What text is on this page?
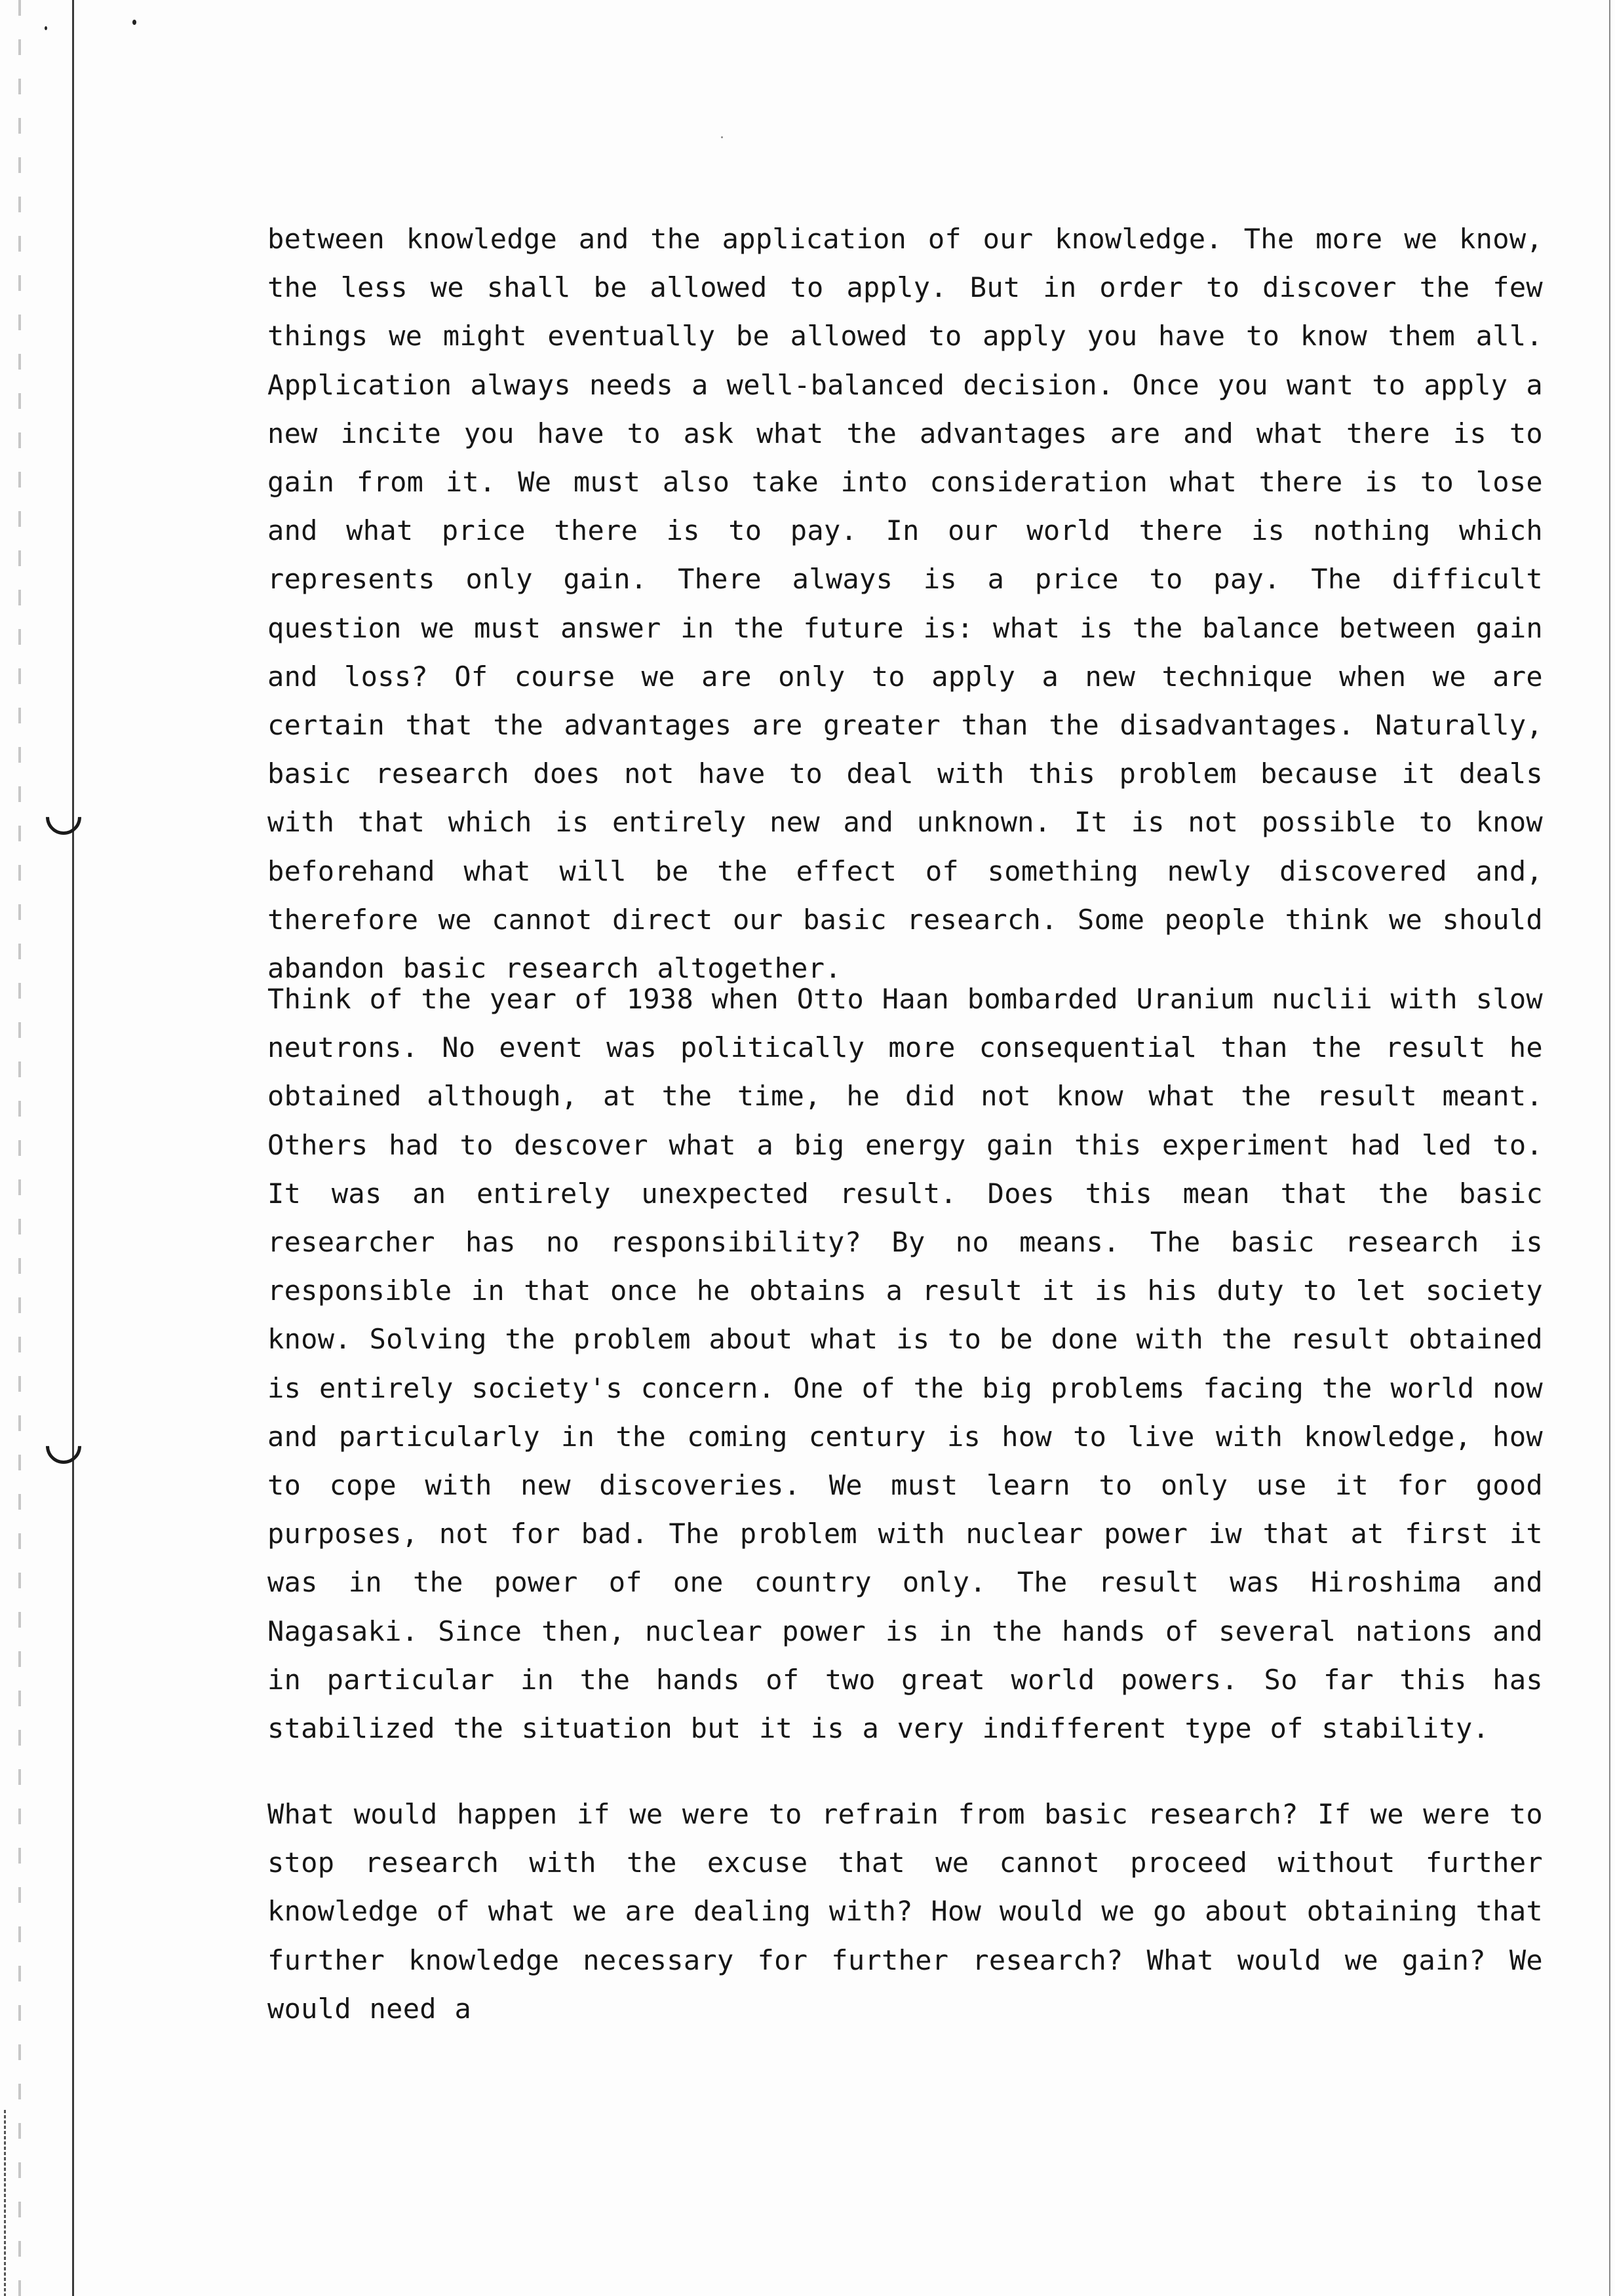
between knowledge and the application of our knowledge. The more we know, the less we shall be allowed to apply. But in order to discover the few things we might eventually be allowed to apply you have to know them all. Application always needs a well-balanced decision. Once you want to apply a new incite you have to ask what the advantages are and what there is to gain from it. We must also take into consideration what there is to lose and what price there is to pay. In our world there is nothing which represents only gain. There always is a price to pay. The difficult question we must answer in the future is: what is the balance between gain and loss? Of course we are only to apply a new technique when we are certain that the advantages are greater than the disadvantages. Naturally, basic research does not have to deal with this problem because it deals with that which is entirely new and unknown. It is not possible to know beforehand what will be the effect of something newly discovered and, therefore we cannot direct our basic research. Some people think we should abandon basic research altogether.

Think of the year of 1938 when Otto Haan bombarded Uranium nuclii with slow neutrons. No event was politically more consequential than the result he obtained although, at the time, he did not know what the result meant. Others had to descover what a big energy gain this experiment had led to. It was an entirely unexpected result. Does this mean that the basic researcher has no responsibility? By no means. The basic research is responsible in that once he obtains a result it is his duty to let society know. Solving the problem about what is to be done with the result obtained is entirely society's concern. One of the big problems facing the world now and particularly in the coming century is how to live with knowledge, how to cope with new discoveries. We must learn to only use it for good purposes, not for bad. The problem with nuclear power iw that at first it was in the power of one country only. The result was Hiroshima and Nagasaki. Since then, nuclear power is in the hands of several nations and in particular in the hands of two great world powers. So far this has stabilized the situation but it is a very indifferent type of stability.

What would happen if we were to refrain from basic research? If we were to stop research with the excuse that we cannot proceed without further knowledge of what we are dealing with? How would we go about obtaining that further knowledge necessary for further research? What would we gain? We would need a
